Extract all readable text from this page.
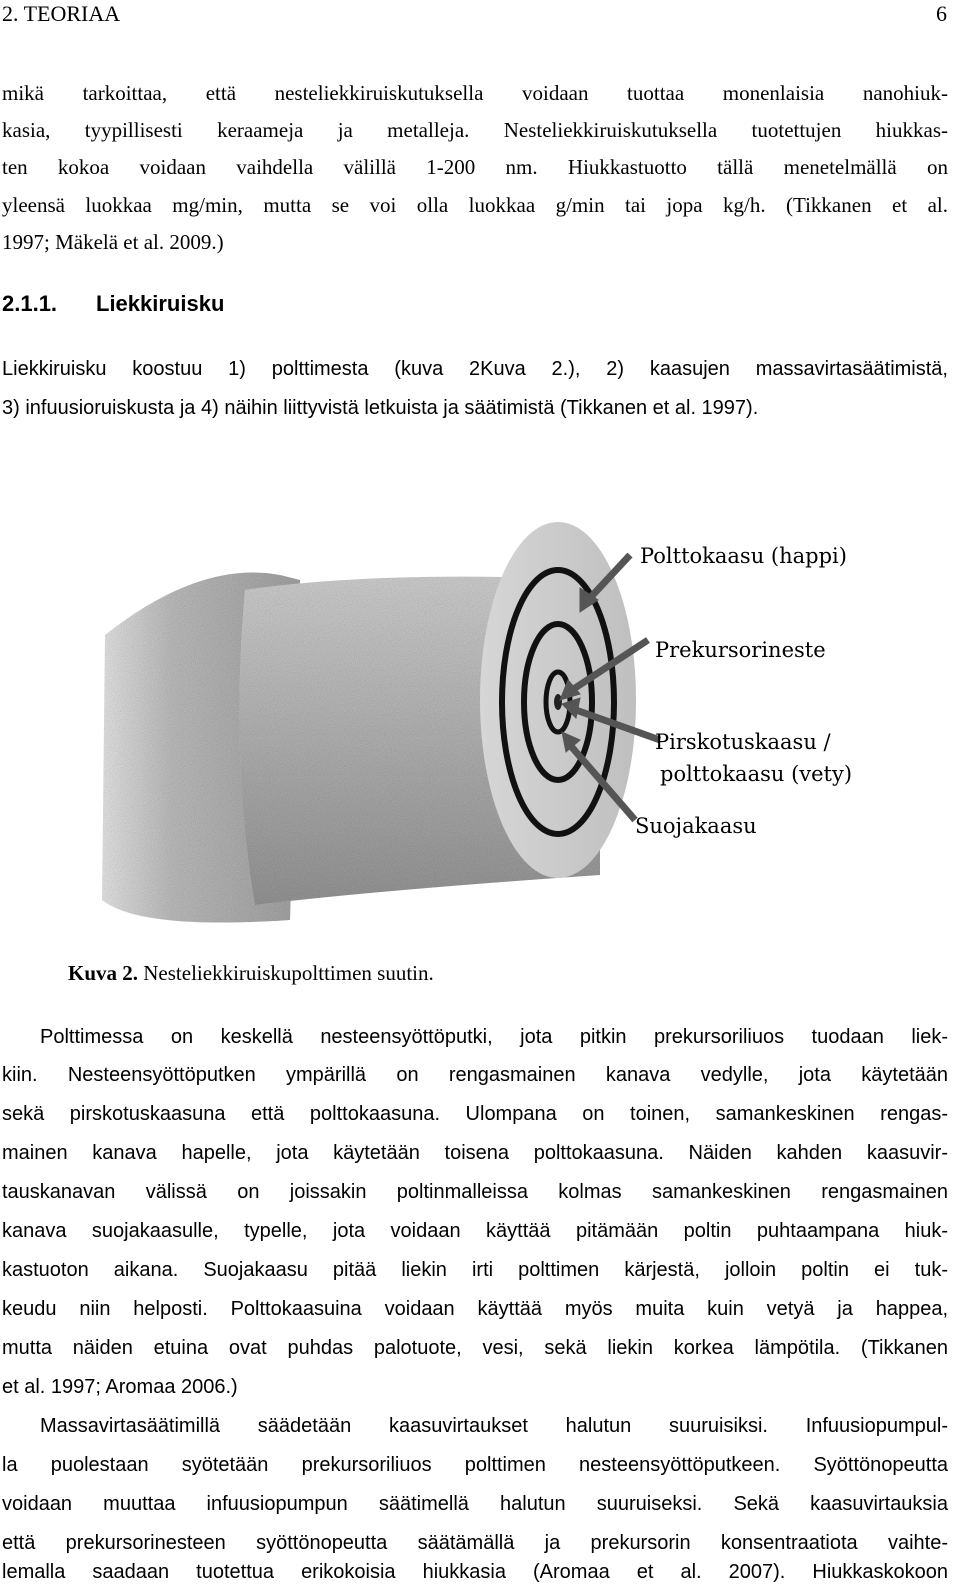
2. TEORIAA	6
mikä tarkoittaa, että nesteliekkiruiskutuksella voidaan tuottaa monenlaisia nanohiuk-
kasia, tyypillisesti keraameja ja metalleja. Nesteliekkiruiskutuksella tuotettujen hiukkas-
ten kokoa voidaan vaihdella välillä 1-200 nm. Hiukkastuotto tällä menetelmällä on
yleensä luokkaa mg/min, mutta se voi olla luokkaa g/min tai jopa kg/h. (Tikkanen et al.
1997; Mäkelä et al. 2009.)
2.1.1. Liekkiruisku
Liekkiruisku koostuu 1) polttimesta (kuva 2Kuva 2.), 2) kaasujen massavirtasäätimistä,
3) infuusioruiskusta ja 4) näihin liittyvistä letkuista ja säätimistä (Tikkanen et al. 1997).
Polttokaasu (happi)
Prekursorineste
Pirskotuskaasu /
polttokaasu (vety)
Suojakaasu
Kuva 2. Nesteliekkiruiskupolttimen suutin.
Polttimessa on keskellä nesteensyöttöputki, jota pitkin prekursoriliuos tuodaan liek-
kiin. Nesteensyöttöputken ympärillä on rengasmainen kanava vedylle, jota käytetään
sekä pirskotuskaasuna että polttokaasuna. Ulompana on toinen, samankeskinen rengas-
mainen kanava hapelle, jota käytetään toisena polttokaasuna. Näiden kahden kaasuvir-
tauskanavan välissä on joissakin poltinmalleissa kolmas samankeskinen rengasmainen
kanava suojakaasulle, typelle, jota voidaan käyttää pitämään poltin puhtaampana hiuk-
kastuoton aikana. Suojakaasu pitää liekin irti polttimen kärjestä, jolloin poltin ei tuk-
keudu niin helposti. Polttokaasuina voidaan käyttää myös muita kuin vetyä ja happea,
mutta näiden etuina ovat puhdas palotuote, vesi, sekä liekin korkea lämpötila. (Tikkanen
et al. 1997; Aromaa 2006.)
Massavirtasäätimillä säädetään kaasuvirtaukset halutun suuruisiksi. Infuusiopumpul-
la puolestaan syötetään prekursoriliuos polttimen nesteensyöttöputkeen. Syöttönopeutta
voidaan muuttaa infuusiopumpun säätimellä halutun suuruiseksi. Sekä kaasuvirtauksia
että prekursorinesteen syöttönopeutta säätämällä ja prekursorin konsentraatiota vaihte-
lemalla saadaan tuotettua erikokoisia hiukkasia (Aromaa et al. 2007). Hiukkaskokoon
